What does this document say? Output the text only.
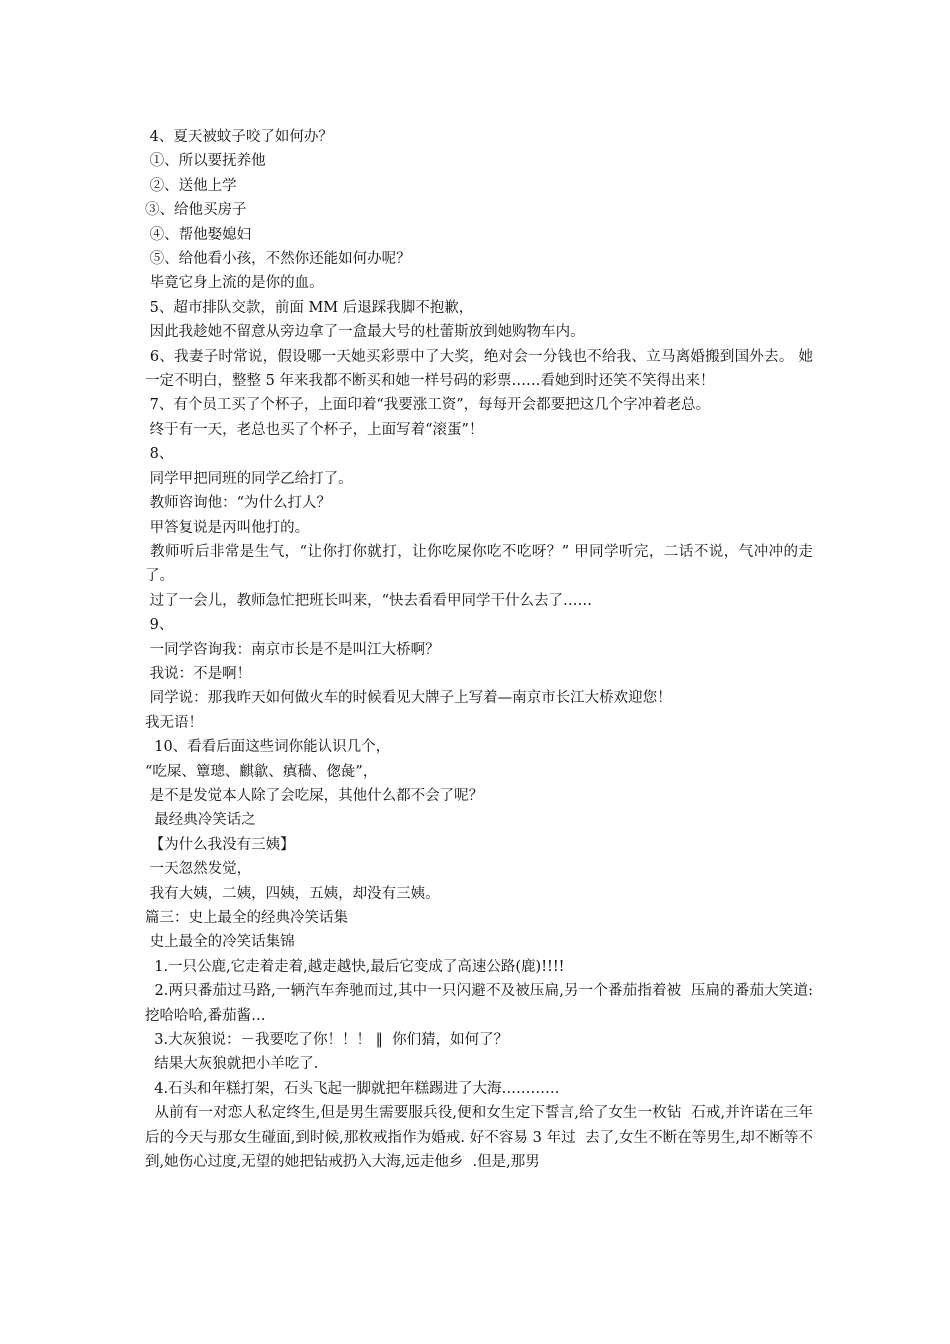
4、夏天被蚊子咬了如何办？

①、所以要抚养他

②、送他上学

③、给他买房子

④、帮他娶媳妇

⑤、给他看小孩，不然你还能如何办呢？

毕竟它身上流的是你的血。

5、超市排队交款，前面 MM 后退踩我脚不抱歉，

因此我趁她不留意从旁边拿了一盒最大号的杜蕾斯放到她购物车内。

6、我妻子时常说，假设哪一天她买彩票中了大奖，绝对会一分钱也不给我、立马离婚搬到国外去。 她一定不明白，整整 5 年来我都不断买和她一样号码的彩票……看她到时还笑不笑得出来！

7、有个员工买了个杯子，上面印着“我要涨工资”，每每开会都要把这几个字冲着老总。

终于有一天，老总也买了个杯子，上面写着“滚蛋”！

8、

同学甲把同班的同学乙给打了。

教师咨询他：“为什么打人？

甲答复说是丙叫他打的。

教师听后非常是生气，“让你打你就打，让你吃屎你吃不吃呀？” 甲同学听完，二话不说，气冲冲的走了。

过了一会儿，教师急忙把班长叫来，“快去看看甲同学干什么去了……

9、

一同学咨询我：南京市长是不是叫江大桥啊？

我说：不是啊！

同学说：那我昨天如何做火车的时候看见大牌子上写着—南京市长江大桥欢迎您！

我无语！

10、看看后面这些词你能认识几个，

“吃屎、簟璁、麒歙、瘨穑、偬彘”，

是不是发觉本人除了会吃屎，其他什么都不会了呢？

最经典冷笑话之

【为什么我没有三姨】

一天忽然发觉，

我有大姨，二姨，四姨，五姨，却没有三姨。

篇三：史上最全的经典冷笑话集

史上最全的冷笑话集锦

1.一只公鹿,它走着走着,越走越快,最后它变成了高速公路(鹿)!!!!

2.两只番茄过马路,一辆汽车奔驰而过,其中一只闪避不及被压扁,另一个番茄指着被  压扁的番茄大笑道:挖哈哈哈,番茄酱…

3.大灰狼说：－我要吃了你！！！ ‖  你们猜，如何了？

结果大灰狼就把小羊吃了.

4.石头和年糕打架，石头飞起一脚就把年糕踢进了大海…………

从前有一对恋人私定终生,但是男生需要服兵役,便和女生定下誓言,给了女生一枚钻  石戒,并许诺在三年后的今天与那女生碰面,到时候,那枚戒指作为婚戒. 好不容易 3 年过  去了,女生不断在等男生,却不断等不到,她伤心过度,无望的她把钻戒扔入大海,远走他乡  .但是,那男
